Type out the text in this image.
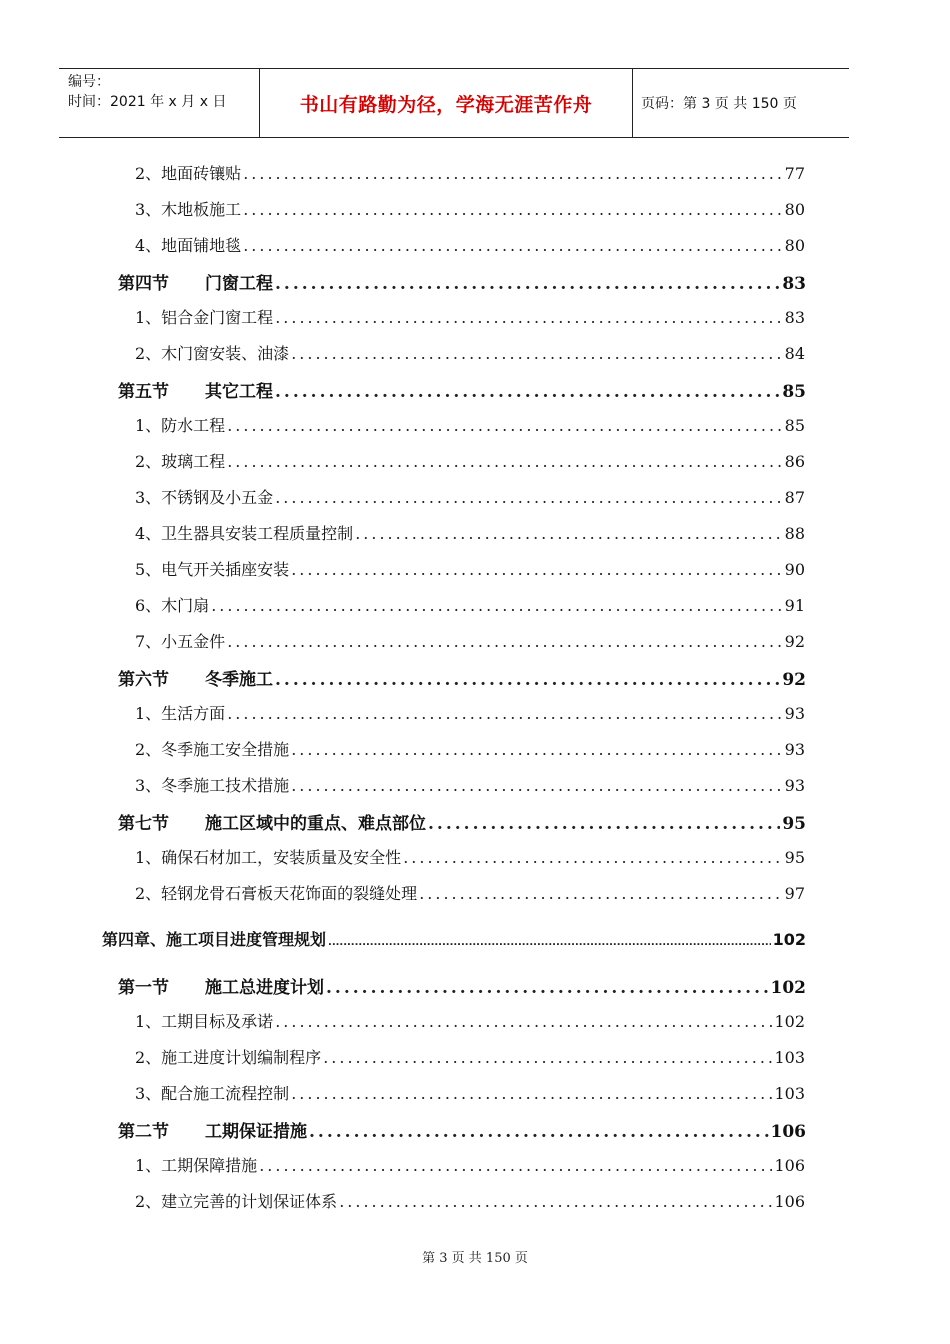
编号：
时间：2021 年 x 月 x 日	书山有路勤为径，学海无涯苦作舟	页码：第 3 页 共 150 页
2、地面砖镶贴 .....	77
3、木地板施工 .....	80
4、地面铺地毯 .....	80
第四节 门窗工程 .....	83
1、铝合金门窗工程 .....	83
2、木门窗安装、油漆 .....	84
第五节 其它工程 .....	85
1、防水工程 .....	85
2、玻璃工程 .....	86
3、不锈钢及小五金 .....	87
4、卫生器具安装工程质量控制 .....	88
5、电气开关插座安装 .....	90
6、木门扇 .....	91
7、小五金件 .....	92
第六节 冬季施工 .....	92
1、生活方面 .....	93
2、冬季施工安全措施 .....	93
3、冬季施工技术措施 .....	93
第七节 施工区域中的重点、难点部位 .....	95
1、确保石材加工，安装质量及安全性 .....	95
2、轻钢龙骨石膏板天花饰面的裂缝处理 .....	97
第四章、施工项目进度管理规划 .....	102
第一节 施工总进度计划 .....	102
1、工期目标及承诺 .....	102
2、施工进度计划编制程序 .....	103
3、配合施工流程控制 .....	103
第二节 工期保证措施 .....	106
1、工期保障措施 .....	106
2、建立完善的计划保证体系 .....	106
第 3 页 共 150 页
